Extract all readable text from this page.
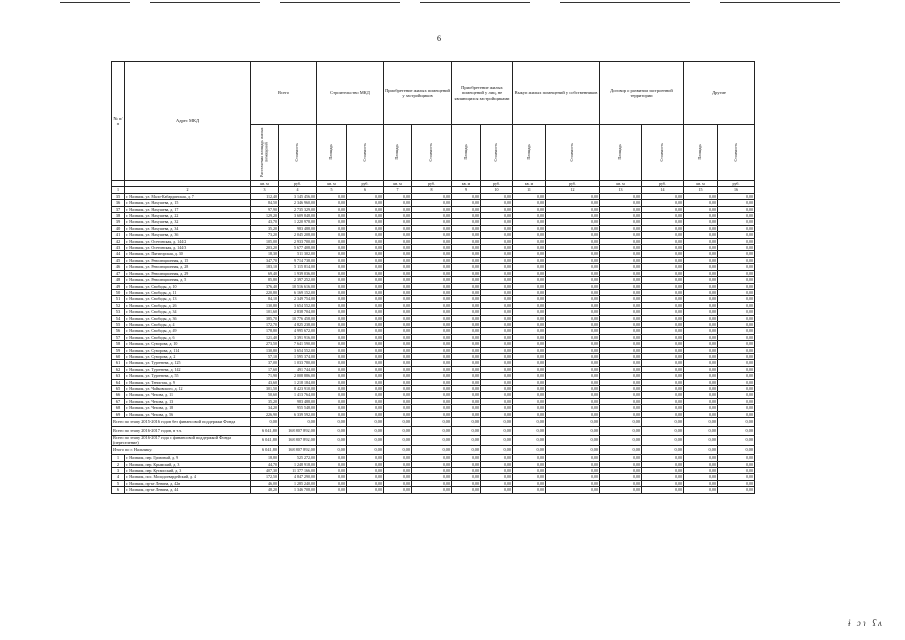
6
№ п/п	Адрес МКД	Всего		Строительство МКД		Приобретение жилых помещений у застройщиков		Приобретение жилых помещений у лиц, не являющихся застройщиками		Выкуп жилых помещений у собственников		Договор о развитии застроенной территории		Другие	
		Расселяемая площадь жилых помещений	Стоимость	Площадь	Стоимость	Площадь	Стоимость	Площадь	Стоимость	Площадь	Стоимость	Площадь	Стоимость	Площадь	Стоимость
		кв. м	руб.	кв. м	руб.	кв. м	руб.	кв. м	руб.	кв. м	руб.	кв. м	руб.	кв. м	руб.
1	2	3	4	5	6	7	8	9	10	11	12	13	14	15	16
35	г. Нальчик, ул. Мало-Кабардинская, д. 7	112,40	3 145 456,00	0,00	0,00	0,00	0,00	0,00	0,00	0,00	0,00	0,00	0,00	0,00	0,00
36	г. Нальчик, ул. Нахушева, д. 15	84,50	2 346 960,00	0,00	0,00	0,00	0,00	0,00	0,00	0,00	0,00	0,00	0,00	0,00	0,00
37	г. Нальчик, ул. Нахушева, д. 17	97,90	2 735 329,00	0,00	0,00	0,00	0,00	0,00	0,00	0,00	0,00	0,00	0,00	0,00	0,00
38	г. Нальчик, ул. Нахушева, д. 22	129,20	3 609 848,00	0,00	0,00	0,00	0,00	0,00	0,00	0,00	0,00	0,00	0,00	0,00	0,00
39	г. Нальчик, ул. Нахушева, д. 32	43,70	1 220 978,00	0,00	0,00	0,00	0,00	0,00	0,00	0,00	0,00	0,00	0,00	0,00	0,00
40	г. Нальчик, ул. Нахушева, д. 34	35,20	983 488,00	0,00	0,00	0,00	0,00	0,00	0,00	0,00	0,00	0,00	0,00	0,00	0,00
41	г. Нальчик, ул. Нахушева, д. 36	73,20	2 045 208,00	0,00	0,00	0,00	0,00	0,00	0,00	0,00	0,00	0,00	0,00	0,00	0,00
42	г. Нальчик, ул. Осетинская, д. 144/2	105,00	2 933 700,00	0,00	0,00	0,00	0,00	0,00	0,00	0,00	0,00	0,00	0,00	0,00	0,00
43	г. Нальчик, ул. Осетинская, д. 144/3	203,20	5 677 408,00	0,00	0,00	0,00	0,00	0,00	0,00	0,00	0,00	0,00	0,00	0,00	0,00
44	г. Нальчик, ул. Пятигорская, д. 30	18,30	511 302,00	0,00	0,00	0,00	0,00	0,00	0,00	0,00	0,00	0,00	0,00	0,00	0,00
45	г. Нальчик, ул. Революционная, д. 15	347,70	9 714 738,00	0,00	0,00	0,00	0,00	0,00	0,00	0,00	0,00	0,00	0,00	0,00	0,00
46	г. Нальчик, ул. Революционная, д. 28	183,10	5 115 814,00	0,00	0,00	0,00	0,00	0,00	0,00	0,00	0,00	0,00	0,00	0,00	0,00
47	г. Нальчик, ул. Революционная, д. 29	69,40	1 939 036,00	0,00	0,00	0,00	0,00	0,00	0,00	0,00	0,00	0,00	0,00	0,00	0,00
48	г. Нальчик, ул. Революционная, д. 5	85,80	2 397 252,00	0,00	0,00	0,00	0,00	0,00	0,00	0,00	0,00	0,00	0,00	0,00	0,00
49	г. Нальчик, ул. Свободы, д. 10	376,40	10 516 616,00	0,00	0,00	0,00	0,00	0,00	0,00	0,00	0,00	0,00	0,00	0,00	0,00
50	г. Нальчик, ул. Свободы, д. 11	220,80	6 169 152,00	0,00	0,00	0,00	0,00	0,00	0,00	0,00	0,00	0,00	0,00	0,00	0,00
51	г. Нальчик, ул. Свободы, д. 13	84,10	2 349 754,00	0,00	0,00	0,00	0,00	0,00	0,00	0,00	0,00	0,00	0,00	0,00	0,00
52	г. Нальчик, ул. Свободы, д. 26	130,80	3 654 552,00	0,00	0,00	0,00	0,00	0,00	0,00	0,00	0,00	0,00	0,00	0,00	0,00
53	г. Нальчик, ул. Свободы, д. 34	101,60	2 838 704,00	0,00	0,00	0,00	0,00	0,00	0,00	0,00	0,00	0,00	0,00	0,00	0,00
54	г. Нальчик, ул. Свободы, д. 36	385,70	10 776 458,00	0,00	0,00	0,00	0,00	0,00	0,00	0,00	0,00	0,00	0,00	0,00	0,00
55	г. Нальчик, ул. Свободы, д. 4	172,70	4 825 238,00	0,00	0,00	0,00	0,00	0,00	0,00	0,00	0,00	0,00	0,00	0,00	0,00
56	г. Нальчик, ул. Свободы, д. 49	178,80	4 995 672,00	0,00	0,00	0,00	0,00	0,00	0,00	0,00	0,00	0,00	0,00	0,00	0,00
57	г. Нальчик, ул. Свободы, д. 6	121,40	3 391 916,00	0,00	0,00	0,00	0,00	0,00	0,00	0,00	0,00	0,00	0,00	0,00	0,00
58	г. Нальчик, ул. Суворова, д. 10	273,50	7 641 590,00	0,00	0,00	0,00	0,00	0,00	0,00	0,00	0,00	0,00	0,00	0,00	0,00
59	г. Нальчик, ул. Суворова, д. 114	130,80	3 654 552,00	0,00	0,00	0,00	0,00	0,00	0,00	0,00	0,00	0,00	0,00	0,00	0,00
60	г. Нальчик, ул. Суворова, д. 2	57,10	1 595 374,00	0,00	0,00	0,00	0,00	0,00	0,00	0,00	0,00	0,00	0,00	0,00	0,00
61	г. Нальчик, ул. Тургенева, д. 125	37,00	1 033 780,00	0,00	0,00	0,00	0,00	0,00	0,00	0,00	0,00	0,00	0,00	0,00	0,00
62	г. Нальчик, ул. Тургенева, д. 142	17,60	491 744,00	0,00	0,00	0,00	0,00	0,00	0,00	0,00	0,00	0,00	0,00	0,00	0,00
63	г. Нальчик, ул. Тургенева, д. 55	71,90	2 008 886,00	0,00	0,00	0,00	0,00	0,00	0,00	0,00	0,00	0,00	0,00	0,00	0,00
64	г. Нальчик, ул. Тенистая, д. 9	43,60	1 218 184,00	0,00	0,00	0,00	0,00	0,00	0,00	0,00	0,00	0,00	0,00	0,00	0,00
65	г. Нальчик, ул. Чайковского, д. 12	301,50	8 423 910,00	0,00	0,00	0,00	0,00	0,00	0,00	0,00	0,00	0,00	0,00	0,00	0,00
66	г. Нальчик, ул. Чехова, д. 11	50,60	1 413 764,00	0,00	0,00	0,00	0,00	0,00	0,00	0,00	0,00	0,00	0,00	0,00	0,00
67	г. Нальчик, ул. Чехова, д. 13	35,20	983 488,00	0,00	0,00	0,00	0,00	0,00	0,00	0,00	0,00	0,00	0,00	0,00	0,00
68	г. Нальчик, ул. Чехова, д. 18	34,20	955 548,00	0,00	0,00	0,00	0,00	0,00	0,00	0,00	0,00	0,00	0,00	0,00	0,00
69	г. Нальчик, ул. Чехова, д. 56	226,90	6 339 592,00	0,00	0,00	0,00	0,00	0,00	0,00	0,00	0,00	0,00	0,00	0,00	0,00
Всего по этапу 2015-2016 годов без финансовой поддержки Фонда		0,00	0,00	0,00	0,00	0,00	0,00	0,00	0,00	0,00	0,00	0,00	0,00	0,00	0,00
Всего по этапу 2016-2017 годов, в т.ч.		6 041,80	168 807 892,00	0,00	0,00	0,00	0,00	0,00	0,00	0,00	0,00	0,00	0,00	0,00	0,00
Всего по этапу 2016-2017 года с финансовой поддержкой Фонда (переселение)		6 041,80	168 807 892,00	0,00	0,00	0,00	0,00	0,00	0,00	0,00	0,00	0,00	0,00	0,00	0,00
Итого по г. Нальчику:		6 041,80	168 807 892,00	0,00	0,00	0,00	0,00	0,00	0,00	0,00	0,00	0,00	0,00	0,00	0,00
1	г. Нальчик, пер. Гризоный, д. 9	18,80	525 272,00	0,00	0,00	0,00	0,00	0,00	0,00	0,00	0,00	0,00	0,00	0,00	0,00
2	г. Нальчик, пер. Крымский, д. 3	44,70	1 248 918,00	0,00	0,00	0,00	0,00	0,00	0,00	0,00	0,00	0,00	0,00	0,00	0,00
3	г. Нальчик, пер. Кутаисский, д. 3	407,30	11 377 166,00	0,00	0,00	0,00	0,00	0,00	0,00	0,00	0,00	0,00	0,00	0,00	0,00
4	г. Нальчик, пос. Молодогвардейский, д. 4	172,50	4 847 290,00	0,00	0,00	0,00	0,00	0,00	0,00	0,00	0,00	0,00	0,00	0,00	0,00
5	г. Нальчик, пр-кт Ленина, д. 42в	46,00	1 285 240,00	0,00	0,00	0,00	0,00	0,00	0,00	0,00	0,00	0,00	0,00	0,00	0,00
6	г. Нальчик, пр-кт Ленина, д. 44	48,20	1 346 708,00	0,00	0,00	0,00	0,00	0,00	0,00	0,00	0,00	0,00	0,00	0,00	0,00
ɨ ɔɿ ʕʌ
